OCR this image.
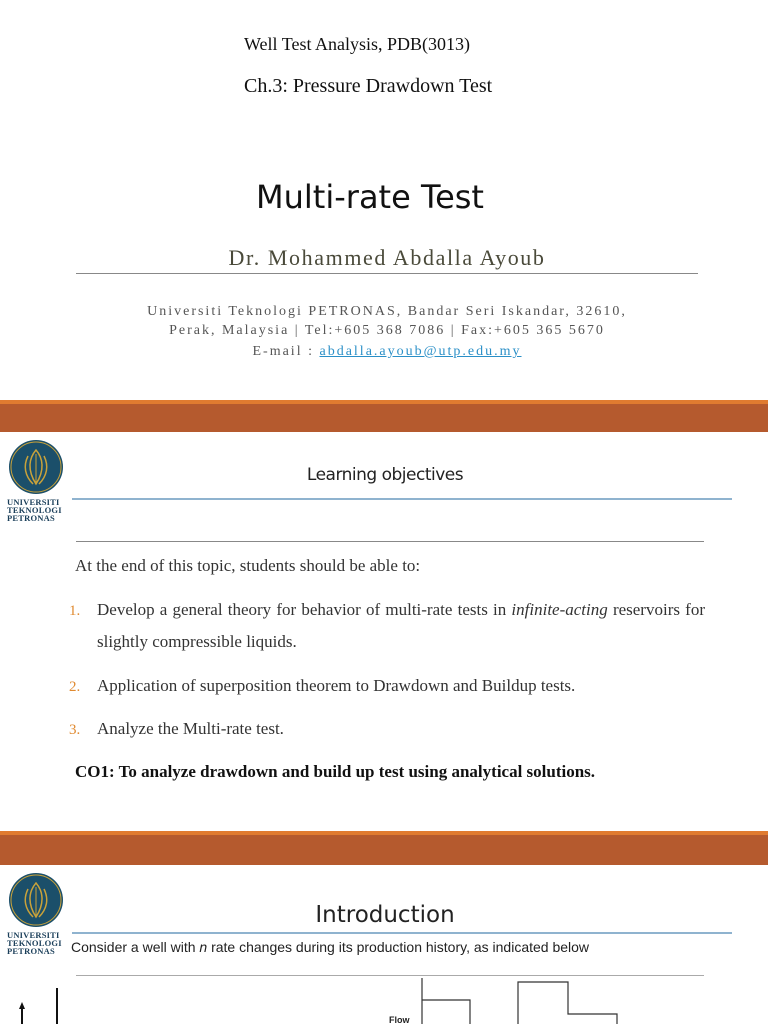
Well Test Analysis, PDB(3013)
Ch.3: Pressure Drawdown Test
Multi-rate Test
Dr. Mohammed Abdalla Ayoub
Universiti Teknologi PETRONAS, Bandar Seri Iskandar, 32610,
Perak, Malaysia | Tel:+605 368 7086 | Fax:+605 365 5670
E-mail : abdalla.ayoub@utp.edu.my
UNIVERSITI
TEKNOLOGI
PETRONAS
Learning objectives
At the end of this topic, students should be able to:
1. Develop a general theory for behavior of multi-rate tests in infinite-acting reservoirs for slightly compressible liquids.
2. Application of superposition theorem to Drawdown and Buildup tests.
3. Analyze the Multi-rate test.
CO1: To analyze drawdown and build up test using analytical solutions.
UNIVERSITI
TEKNOLOGI
PETRONAS
Introduction
Consider a well with n rate changes during its production history, as indicated below
Flow
